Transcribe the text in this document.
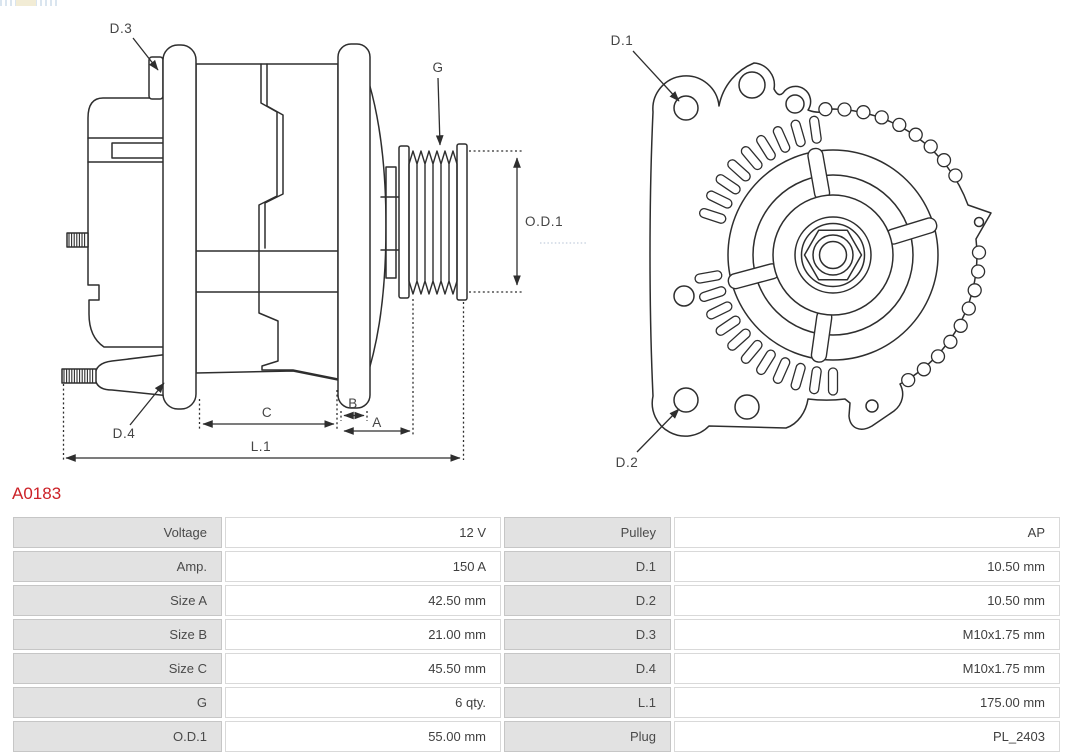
D.3
G
O.D.1
D.4
C
B
A
L.1
D.1
D.2
A0183
Voltage	12 V	Pulley	AP
Amp.	150 A	D.1	10.50 mm
Size A	42.50 mm	D.2	10.50 mm
Size B	21.00 mm	D.3	M10x1.75 mm
Size C	45.50 mm	D.4	M10x1.75 mm
G	6 qty.	L.1	175.00 mm
O.D.1	55.00 mm	Plug	PL_2403
